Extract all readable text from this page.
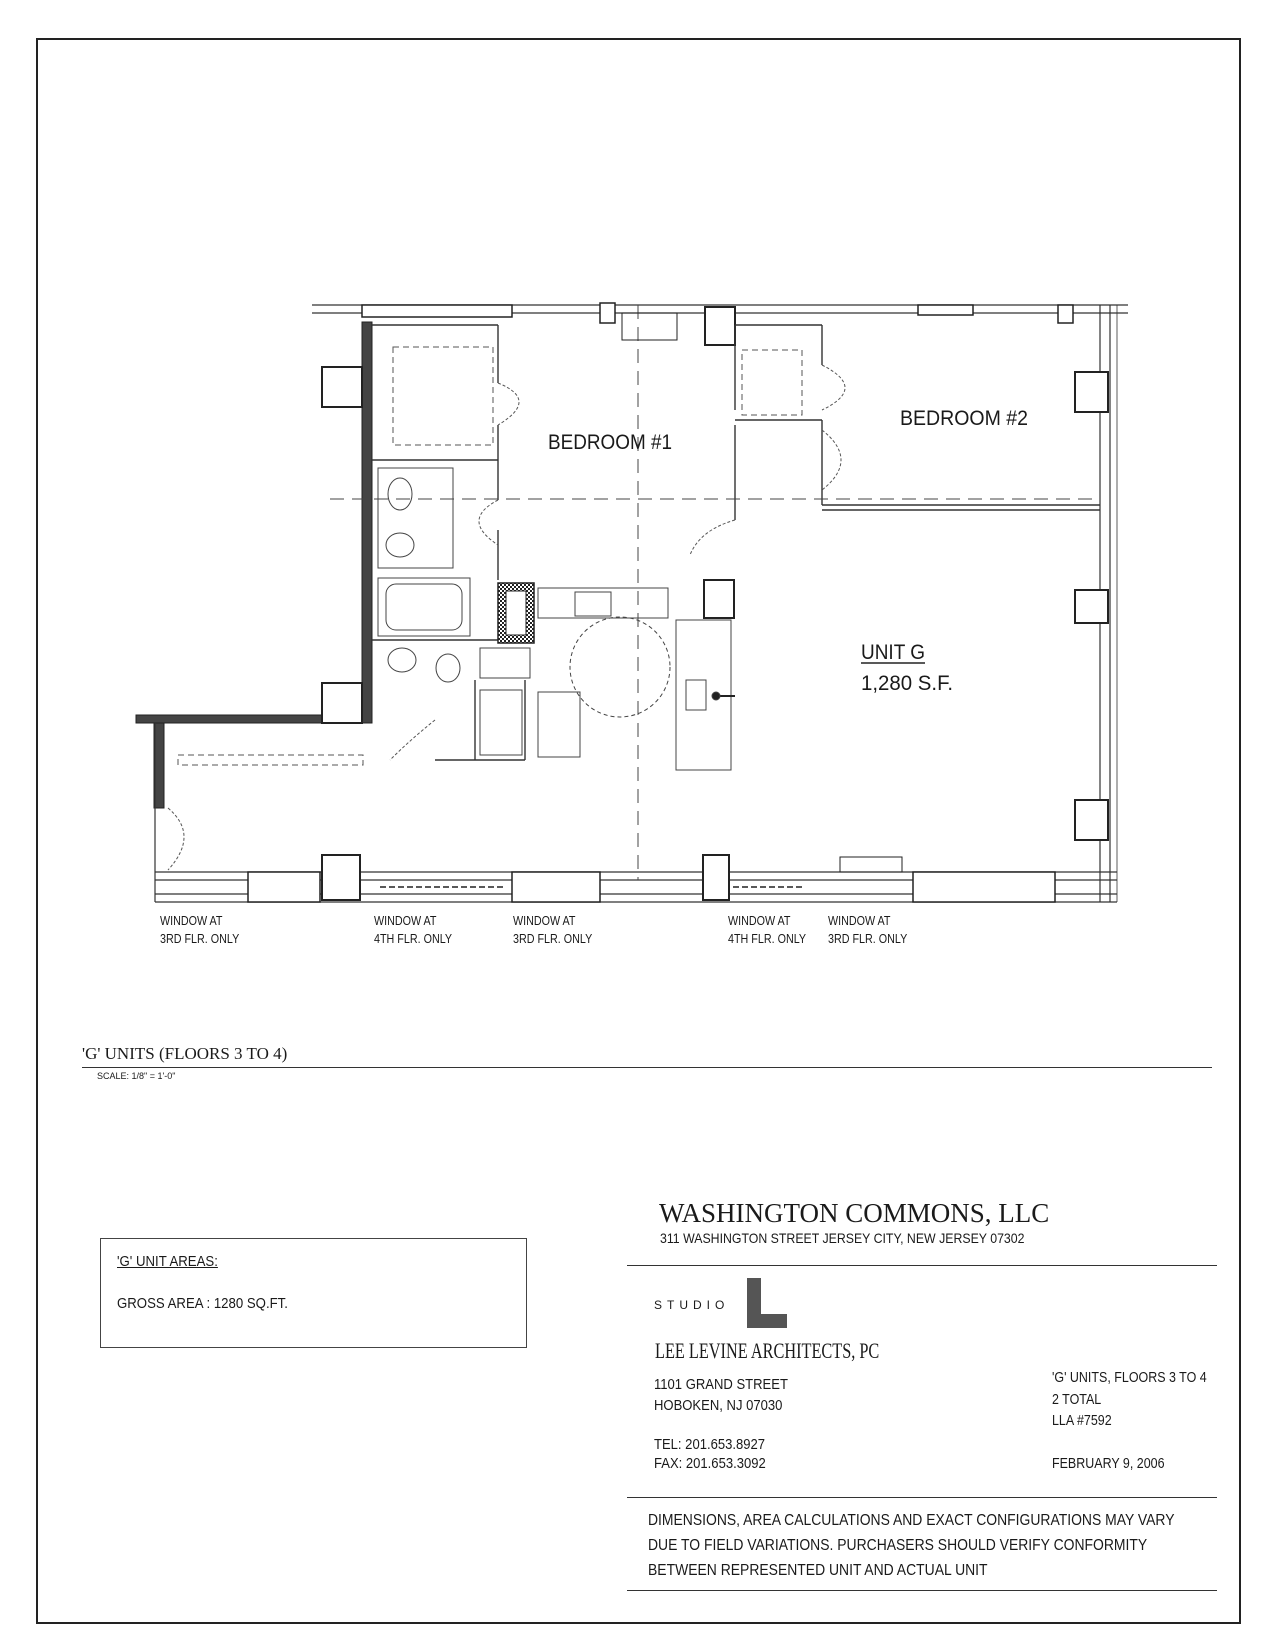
BEDROOM #1
BEDROOM #2
UNIT G
1,280 S.F.
WINDOW AT
3RD FLR. ONLY
WINDOW AT
4TH FLR. ONLY
WINDOW AT
3RD FLR. ONLY
WINDOW AT
4TH FLR. ONLY
WINDOW AT
3RD FLR. ONLY
'G' UNITS (FLOORS 3 TO 4)
SCALE: 1/8" = 1'-0"
'G' UNIT AREAS:
GROSS AREA : 1280 SQ.FT.
WASHINGTON COMMONS, LLC
311 WASHINGTON STREET JERSEY CITY, NEW JERSEY 07302
STUDIO
LEE LEVINE ARCHITECTS, PC
1101 GRAND STREET
HOBOKEN, NJ 07030
TEL: 201.653.8927
FAX: 201.653.3092
'G' UNITS, FLOORS 3 TO 4
2 TOTAL
LLA #7592
FEBRUARY 9, 2006
DIMENSIONS, AREA CALCULATIONS AND EXACT CONFIGURATIONS MAY VARY DUE TO FIELD VARIATIONS. PURCHASERS SHOULD VERIFY CONFORMITY BETWEEN REPRESENTED UNIT AND ACTUAL UNIT
